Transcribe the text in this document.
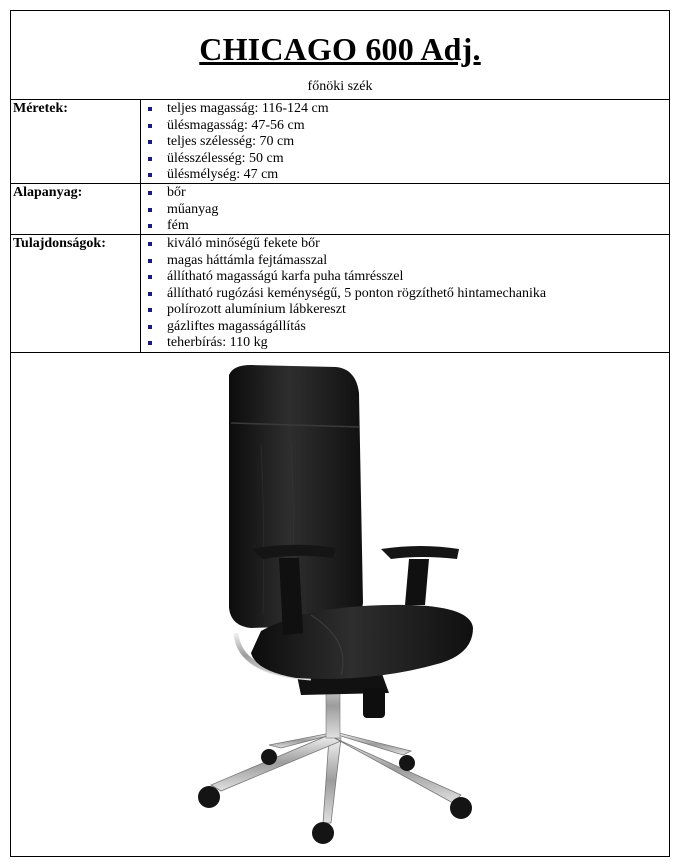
CHICAGO 600 Adj.
főnöki szék
Méretek:	teljes magasság: 116-124 cm
ülésmagasság: 47-56 cm
teljes szélesség: 70 cm
ülésszélesség: 50 cm
ülésmélység: 47 cm
Alapanyag:	bőr
műanyag
fém
Tulajdonságok:	kiváló minőségű fekete bőr
magas háttámla fejtámasszal
állítható magasságú karfa puha támrésszel
állítható rugózási keménységű, 5 ponton rögzíthető hintamechanika
polírozott alumínium lábkereszt
gázliftes magasságállítás
teherbírás: 110 kg
